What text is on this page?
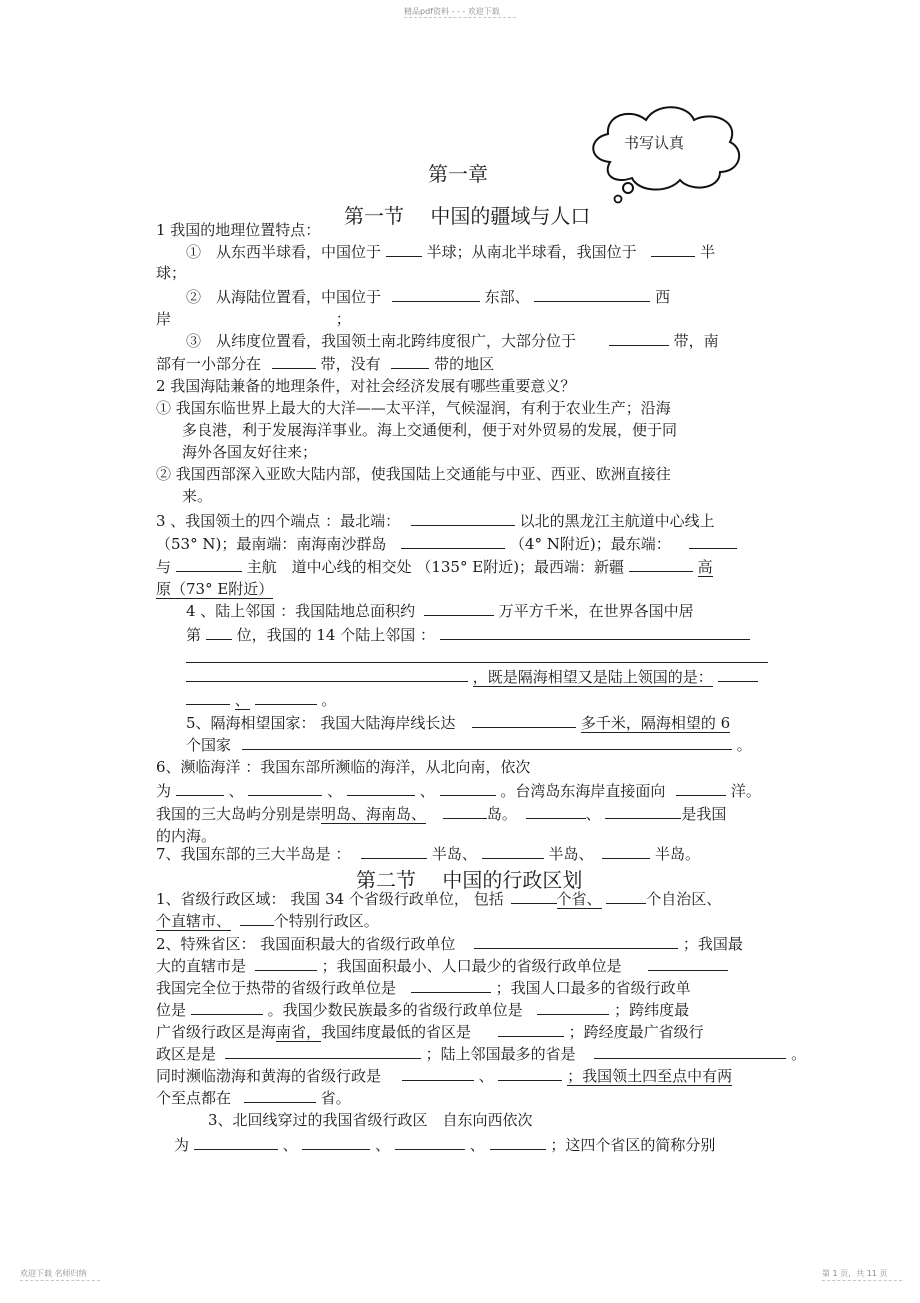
精品pdf资料 - - - 欢迎下载
欢迎下载 名师归纳	第 1 页，共 11 页
书写认真
第一章
第一节　 中国的疆域与人口
1 我国的地理位置特点：
①　从东西半球看，中国位于	半球；从南北半球看，我国位于	半
球；
②　从海陆位置看，中国位于	东部、	西
岸	；
③　从纬度位置看，我国领土南北跨纬度很广，大部分位于	带，南
部有一小部分在	带，没有	带的地区
2 我国海陆兼备的地理条件，对社会经济发展有哪些重要意义？
① 我国东临世界上最大的大洋——太平洋，气候湿润，有利于农业生产；沿海
多良港，利于发展海洋事业。海上交通便利，便于对外贸易的发展，便于同
海外各国友好往来；
② 我国西部深入亚欧大陆内部，使我国陆上交通能与中亚、西亚、欧洲直接往
来。
3 、我国领土的四个端点 ：最北端：	以北的黑龙江主航道中心线上
（53° N)；最南端：南海南沙群岛	（4° N附近)；最东端：
与	主航　道中心线的相交处 （135° E附近)；最西端：新疆	高
原（73° E附近）
4 、陆上邻国 ：我国陆地总面积约	万平方千米，在世界各国中居
第 位，我国的 14 个陆上邻国 ：
，既是隔海相望又是陆上领国的是：
、	。
5、隔海相望国家： 我国大陆海岸线长达	多千米，隔海相望的 6
个国家	。
6、濒临海洋 ：我国东部所濒临的海洋，从北向南，依次
为	、	、	、	。台湾岛东海岸直接面向	洋。
我国的三大岛屿分别是崇明岛、海南岛、	岛。	、	是我国
的内海。
7、我国东部的三大半岛是 ：	半岛、	半岛、	半岛。
第二节　 中国的行政区划
1、省级行政区域： 我国 34 个省级行政单位， 包括	个省、	个自治区、
个直辖市、	个特别行政区。
2、特殊省区： 我国面积最大的省级行政单位	；我国最
大的直辖市是	；我国面积最小、人口最少的省级行政单位是
我国完全位于热带的省级行政单位是	；我国人口最多的省级行政单
位是	。我国少数民族最多的省级行政单位是	；跨纬度最
广省级行政区是海南省，我国纬度最低的省区是	；跨经度最广省级行
政区是是	；陆上邻国最多的省是	。
同时濒临渤海和黄海的省级行政是	、	；我国领土四至点中有两
个至点都在	省。
3、北回线穿过的我国省级行政区　自东向西依次
为	、	、	、	；这四个省区的简称分别
